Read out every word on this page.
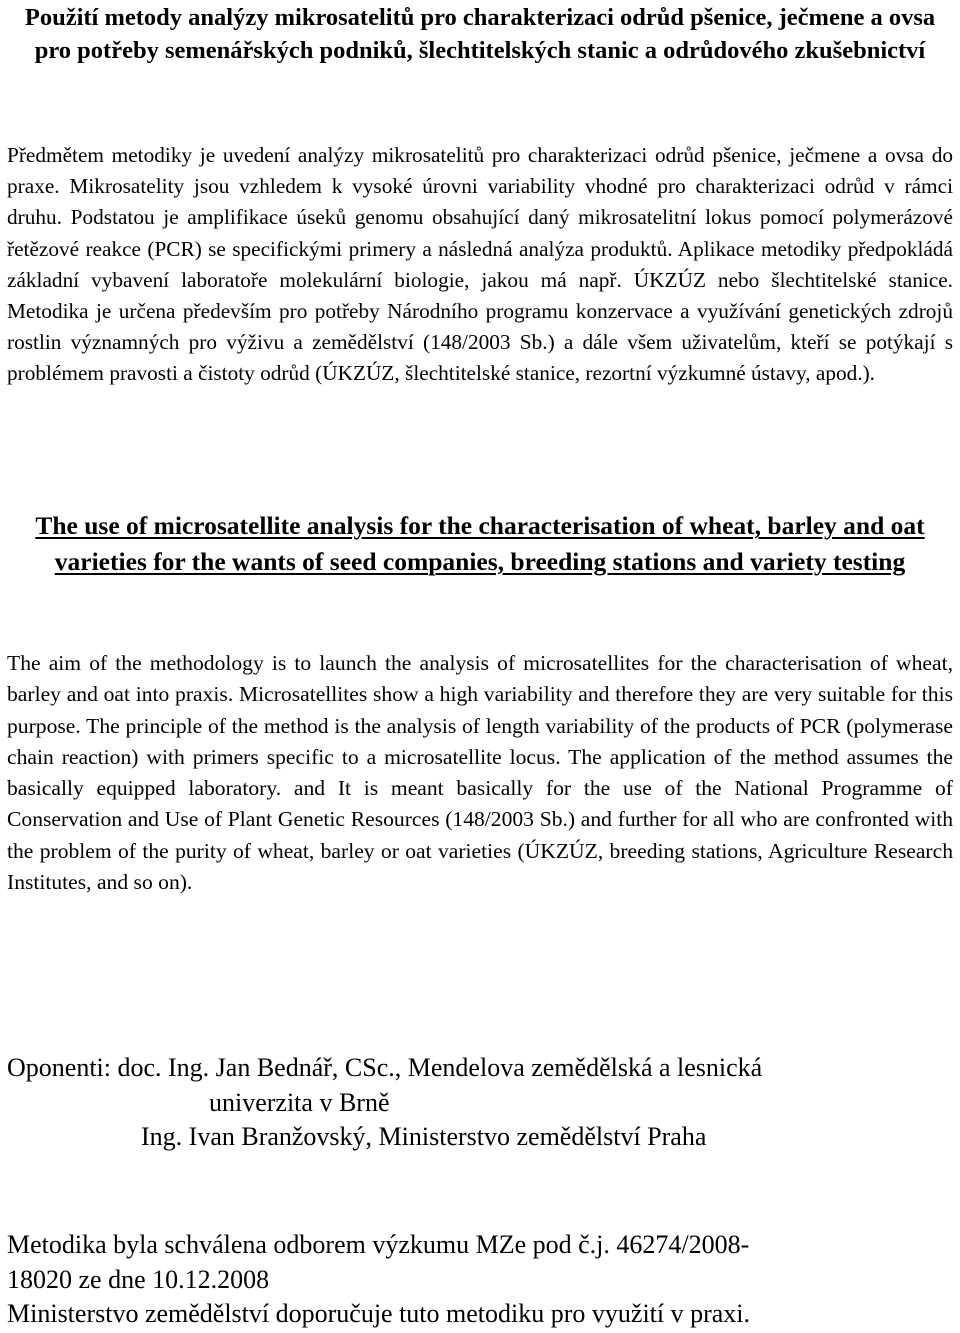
Použití metody analýzy mikrosatelitů pro charakterizaci odrůd pšenice, ječmene a ovsa pro potřeby semenářských podniků, šlechtitelských stanic a odrůdového zkušebnictví
Předmětem metodiky je uvedení analýzy mikrosatelitů pro charakterizaci odrůd pšenice, ječmene a ovsa do praxe. Mikrosatelity jsou vzhledem k vysoké úrovni variability vhodné pro charakterizaci odrůd v rámci druhu. Podstatou je amplifikace úseků genomu obsahující daný mikrosatelitní lokus pomocí polymerázové řetězové reakce (PCR) se specifickými primery a následná analýza produktů. Aplikace metodiky předpokládá základní vybavení laboratoře molekulární biologie, jakou má např. ÚKZÚZ nebo šlechtitelské stanice. Metodika je určena především pro potřeby Národního programu konzervace a využívání genetických zdrojů rostlin významných pro výživu a zemědělství (148/2003 Sb.) a dále všem uživatelům, kteří se potýkají s problémem pravosti a čistoty odrůd (ÚKZÚZ, šlechtitelské stanice, rezortní výzkumné ústavy, apod.).
The use of microsatellite analysis for the characterisation of wheat, barley and oat varieties for the wants of seed companies, breeding stations and variety testing
The aim of the methodology is to launch the analysis of microsatellites for the characterisation of wheat, barley and oat into praxis. Microsatellites show a high variability and therefore they are very suitable for this purpose. The principle of the method is the analysis of length variability of the products of PCR (polymerase chain reaction) with primers specific to a microsatellite locus. The application of the method assumes the basically equipped laboratory. and It is meant basically for the use of the National Programme of Conservation and Use of Plant Genetic Resources (148/2003 Sb.) and further for all who are confronted with the problem of the purity of wheat, barley or oat varieties (ÚKZÚZ, breeding stations, Agriculture Research Institutes, and so on).
Oponenti: doc. Ing. Jan Bednář, CSc., Mendelova zemědělská a lesnická
univerzita v Brně
Ing. Ivan Branžovský, Ministerstvo zemědělství Praha
Metodika byla schválena odborem výzkumu MZe pod č.j. 46274/2008-
18020 ze dne 10.12.2008
Ministerstvo zemědělství doporučuje tuto metodiku pro využití v praxi.
